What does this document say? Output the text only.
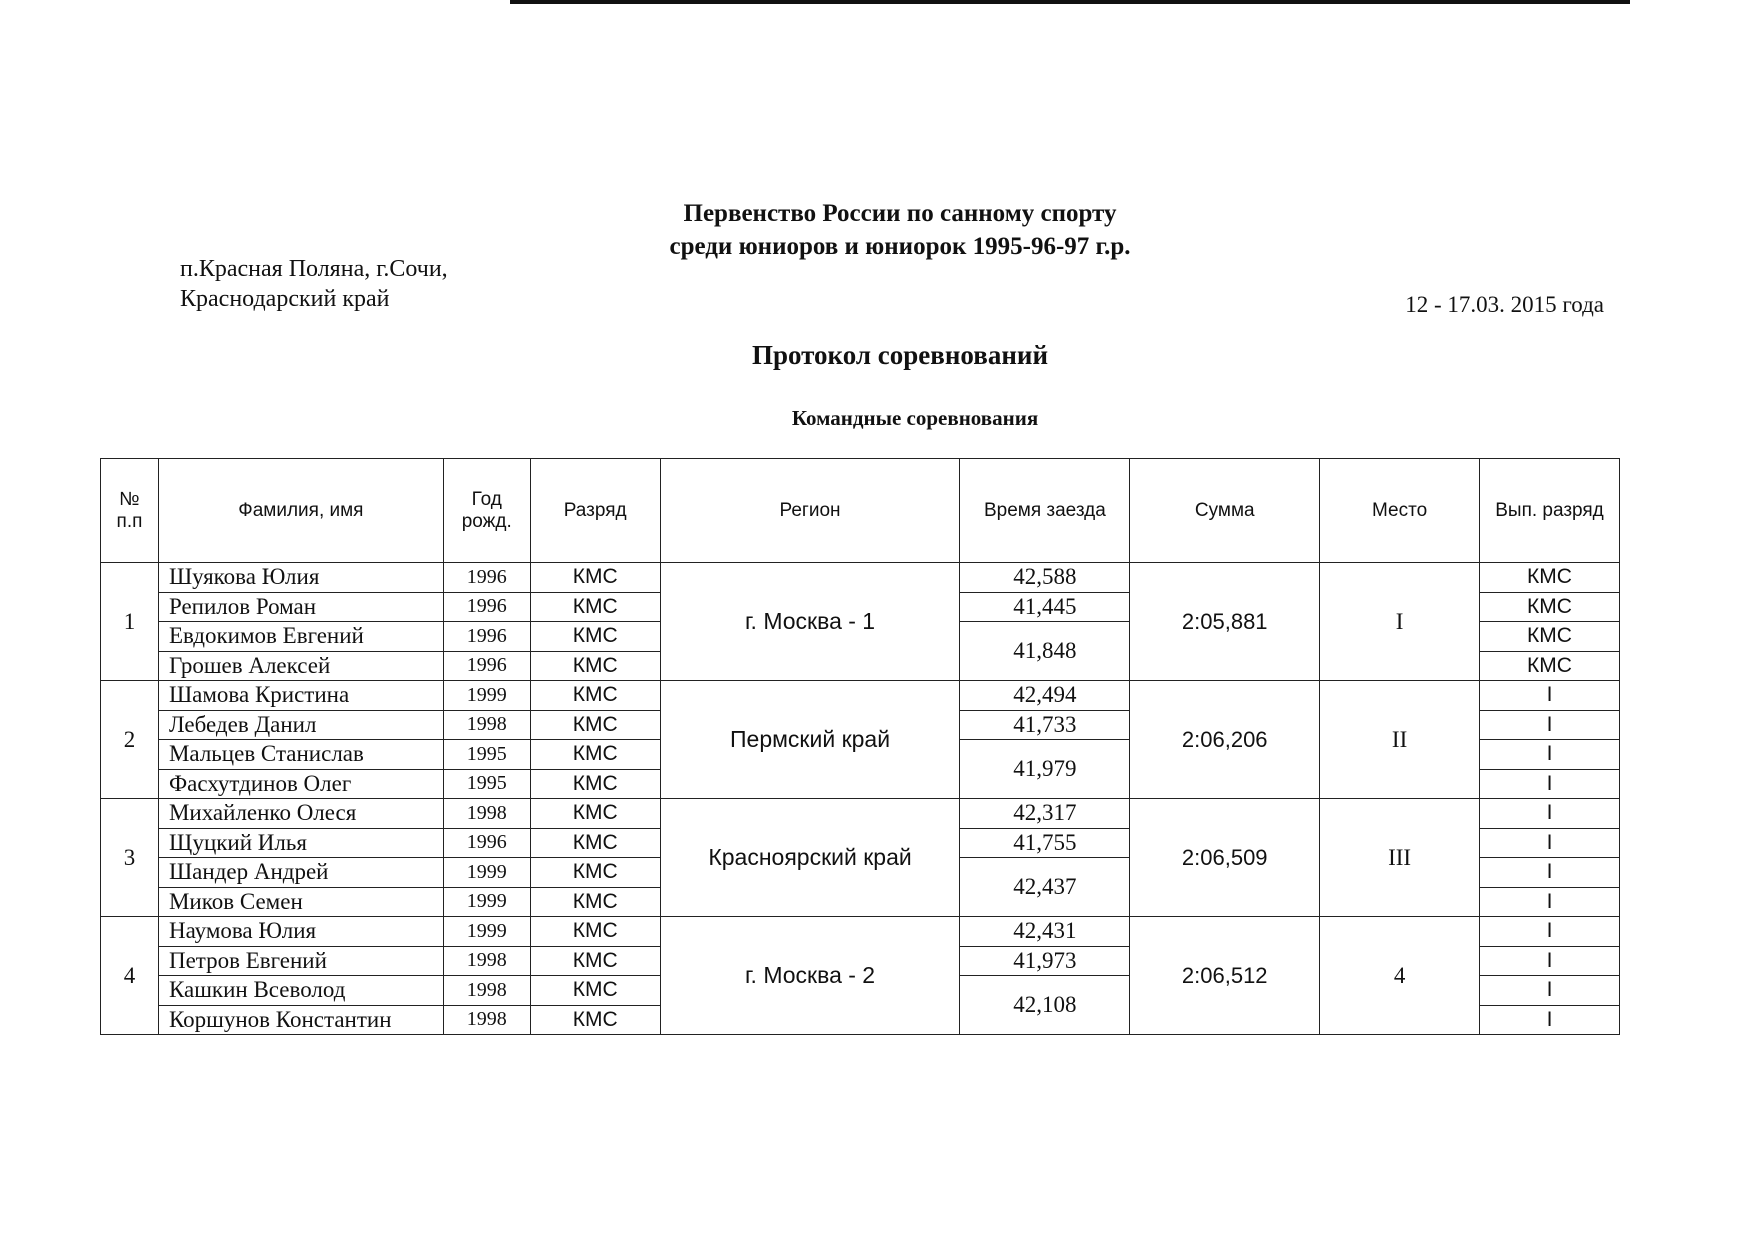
Первенство России по санному спорту
среди юниоров и юниорок 1995-96-97 г.р.
п.Красная Поляна, г.Сочи,
Краснодарский край	12 - 17.03. 2015 года
Протокол соревнований
Командные соревнования
№ п.п	Фамилия, имя	Год рожд.	Разряд	Регион	Время заезда	Сумма	Место	Вып. разряд
1	Шуякова Юлия	1996	КМС	г. Москва - 1	42,588	2:05,881	I	КМС
	Репилов Роман	1996	КМС		41,445			КМС
	Евдокимов Евгений	1996	КМС		41,848			КМС
	Грошев Алексей	1996	КМС					КМС
2	Шамова Кристина	1999	КМС	Пермский край	42,494	2:06,206	II	I
	Лебедев Данил	1998	КМС		41,733			I
	Мальцев Станислав	1995	КМС		41,979			I
	Фасхутдинов Олег	1995	КМС					I
3	Михайленко Олеся	1998	КМС	Красноярский край	42,317	2:06,509	III	I
	Щуцкий Илья	1996	КМС		41,755			I
	Шандер Андрей	1999	КМС		42,437			I
	Миков Семен	1999	КМС					I
4	Наумова Юлия	1999	КМС	г. Москва - 2	42,431	2:06,512	4	I
	Петров Евгений	1998	КМС		41,973			I
	Кашкин Всеволод	1998	КМС		42,108			I
	Коршунов Константин	1998	КМС					I
